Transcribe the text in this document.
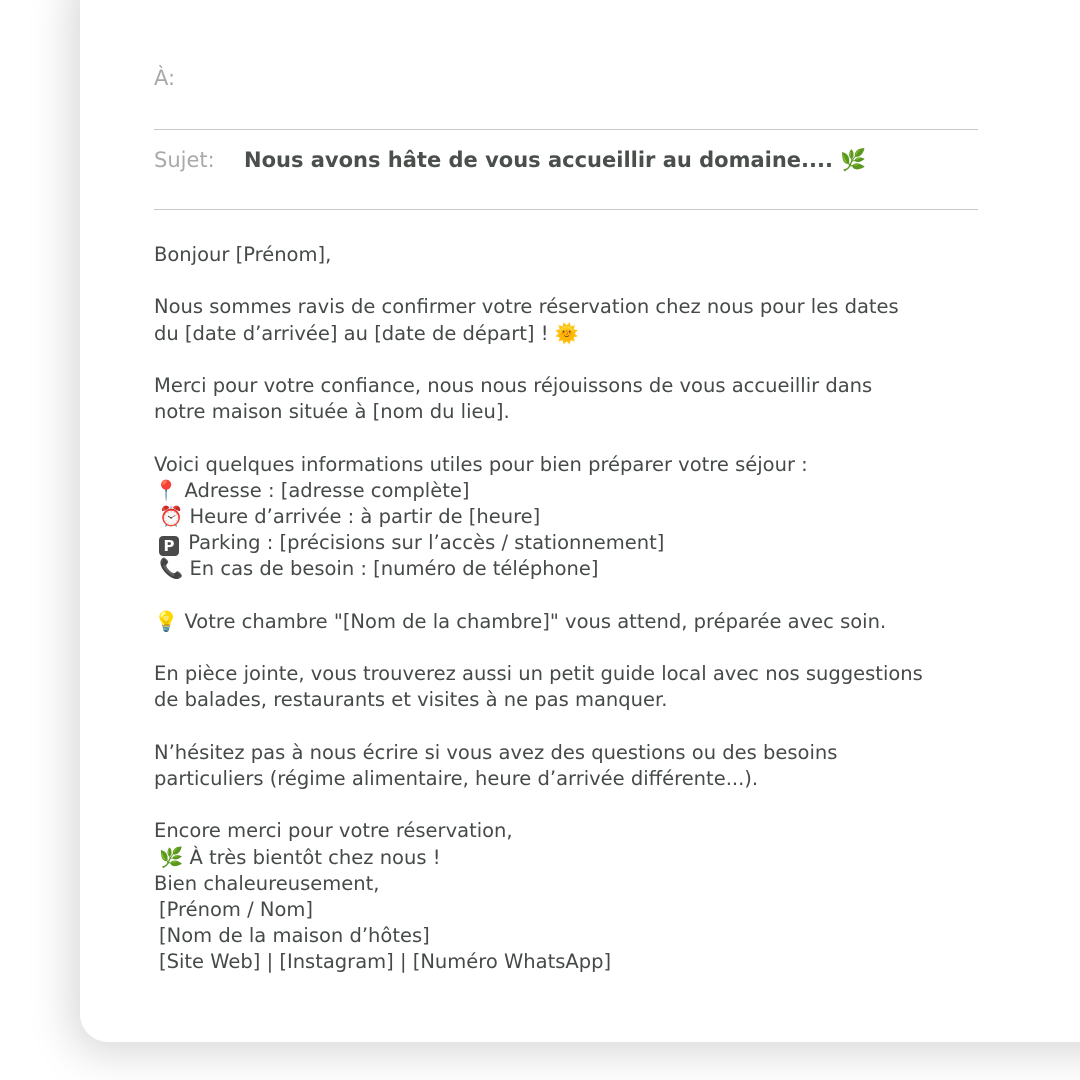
À:
Sujet:	Nous avons hâte de vous accueillir au domaine.... 🌿

Bonjour [Prénom],

Nous sommes ravis de confirmer votre réservation chez nous pour les dates
du [date d’arrivée] au [date de départ] ! 🌞

Merci pour votre confiance, nous nous réjouissons de vous accueillir dans
notre maison située à [nom du lieu].

Voici quelques informations utiles pour bien préparer votre séjour :
📍 Adresse : [adresse complète]
⏰ Heure d’arrivée : à partir de [heure]
P Parking : [précisions sur l’accès / stationnement]
📞 En cas de besoin : [numéro de téléphone]

💡 Votre chambre "[Nom de la chambre]" vous attend, préparée avec soin.

En pièce jointe, vous trouverez aussi un petit guide local avec nos suggestions
de balades, restaurants et visites à ne pas manquer.

N’hésitez pas à nous écrire si vous avez des questions ou des besoins
particuliers (régime alimentaire, heure d’arrivée différente...).

Encore merci pour votre réservation,
🌿 À très bientôt chez nous !
Bien chaleureusement,
[Prénom / Nom]
[Nom de la maison d’hôtes]
[Site Web] | [Instagram] | [Numéro WhatsApp]
